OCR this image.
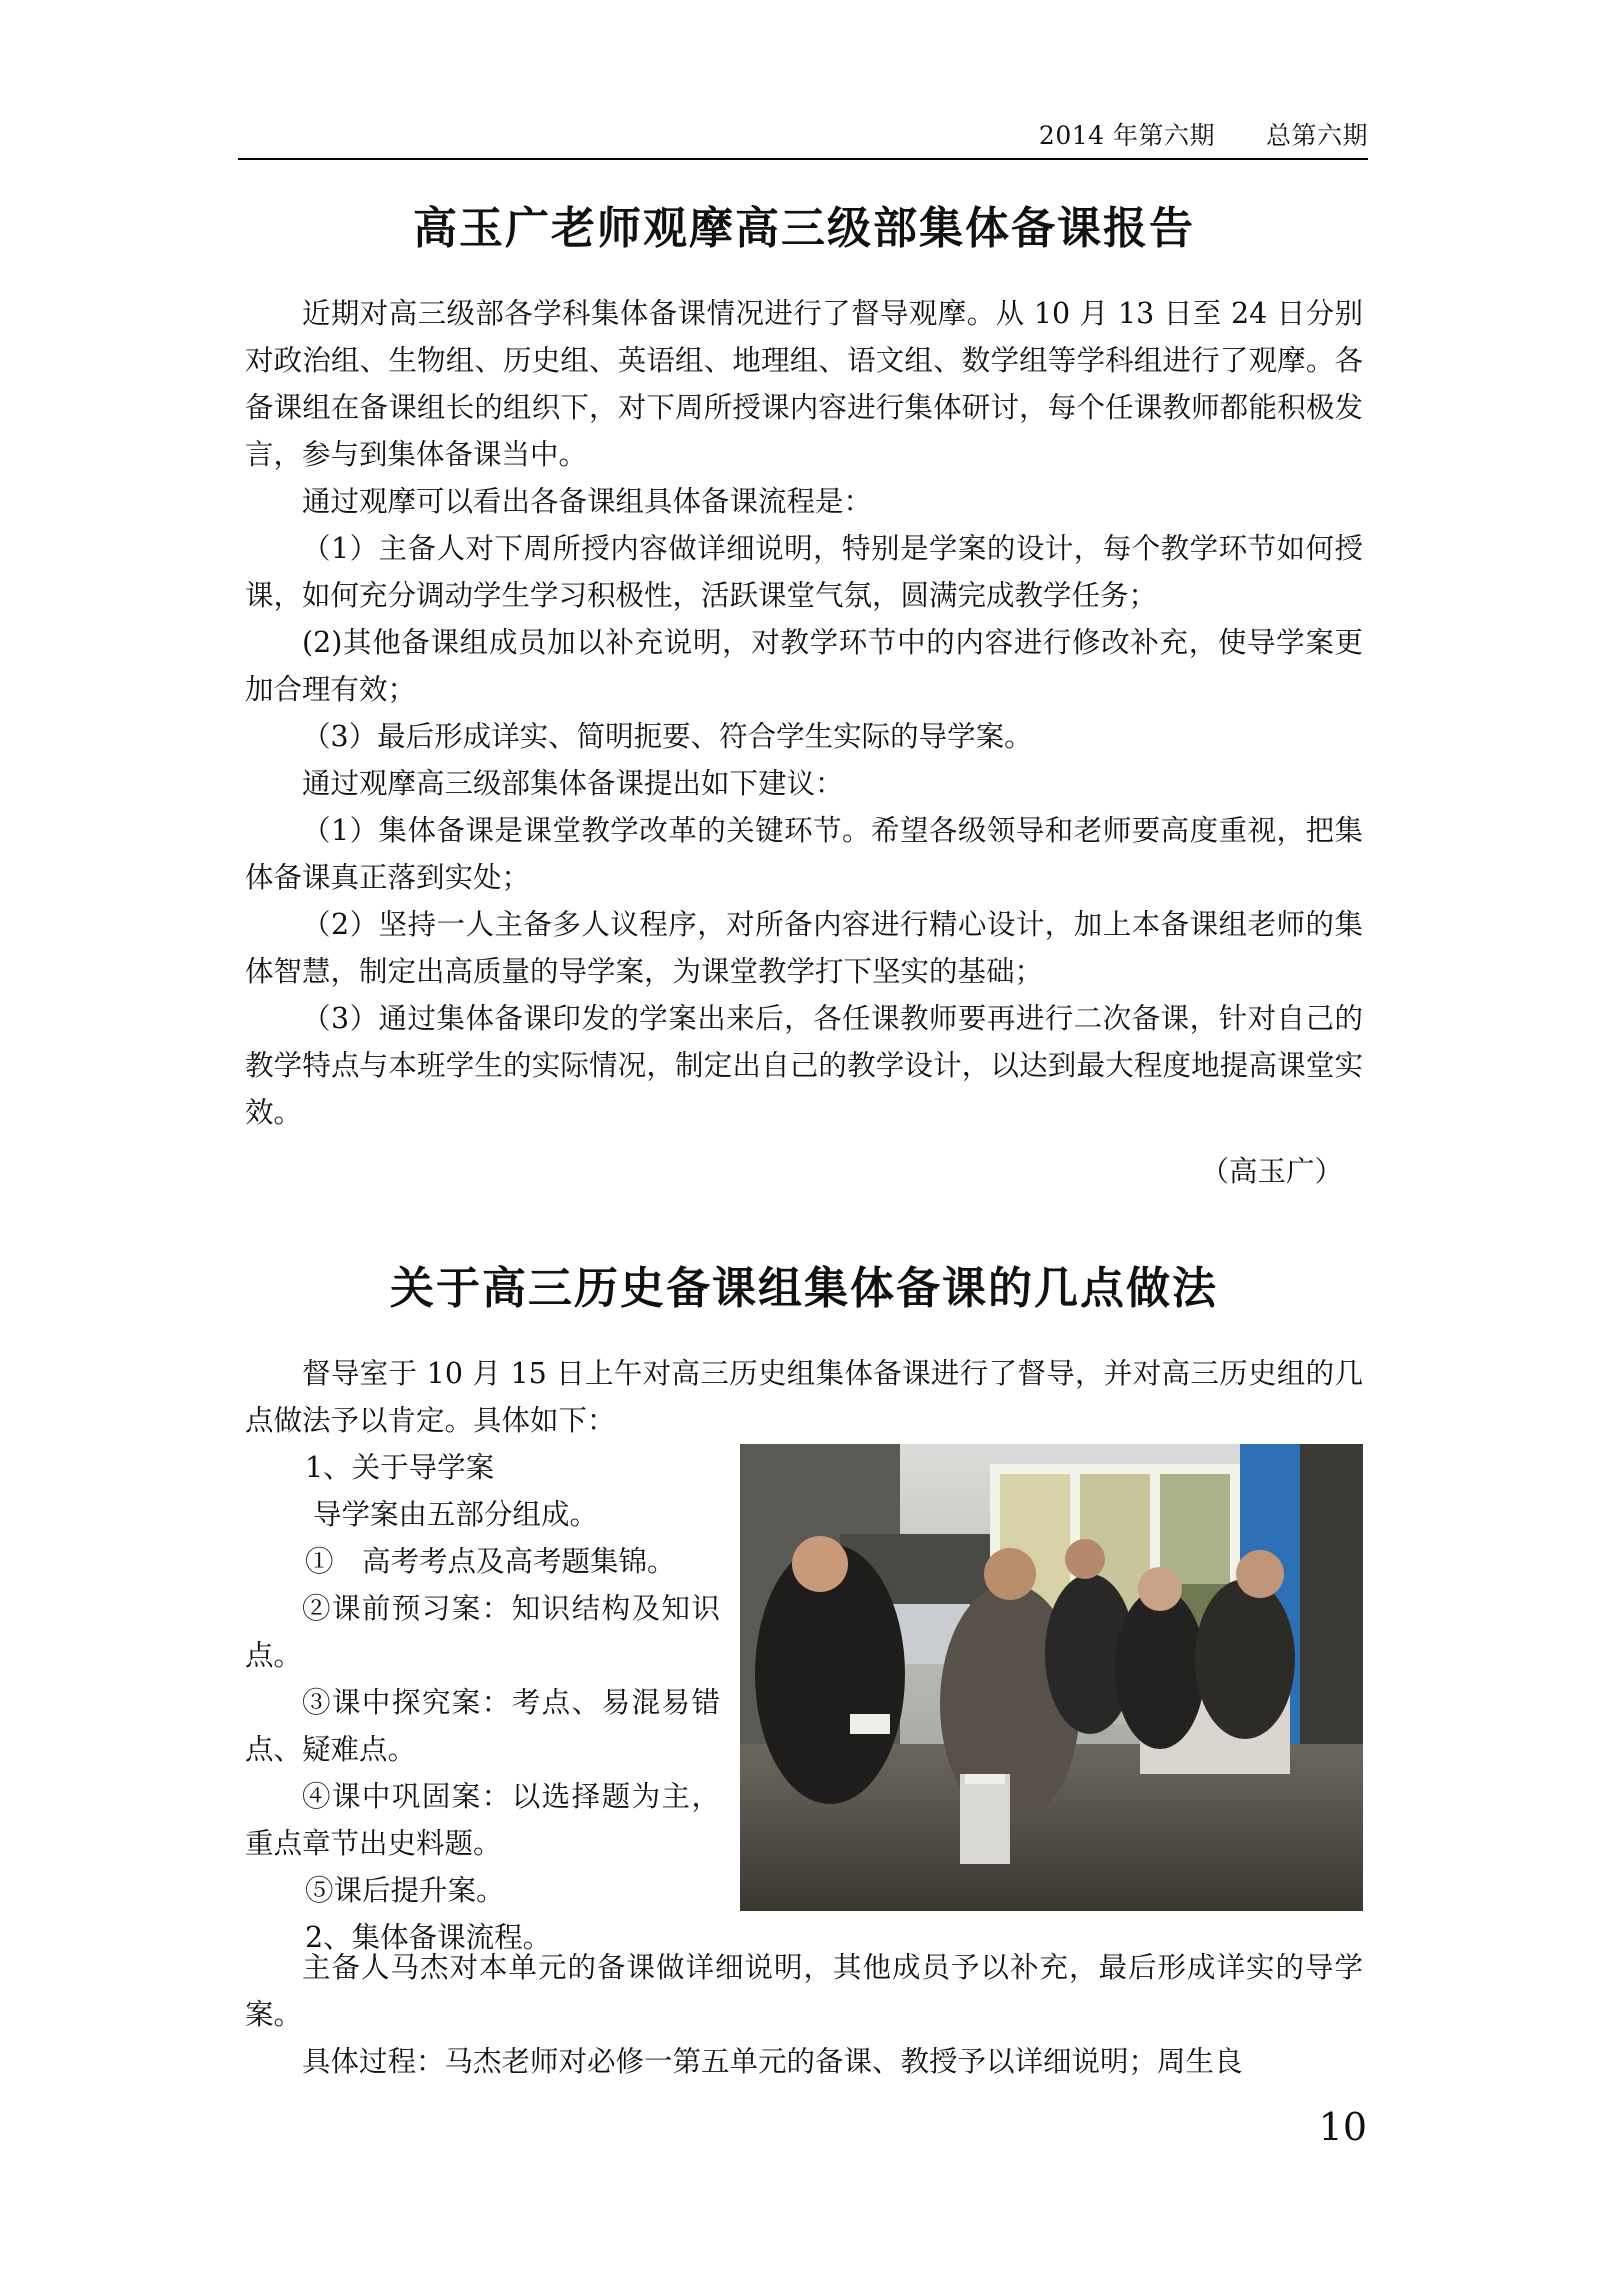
2014 年第六期　　总第六期
高玉广老师观摩高三级部集体备课报告

近期对高三级部各学科集体备课情况进行了督导观摩。从 10 月 13 日至 24 日分别对政治组、生物组、历史组、英语组、地理组、语文组、数学组等学科组进行了观摩。各备课组在备课组长的组织下，对下周所授课内容进行集体研讨，每个任课教师都能积极发言，参与到集体备课当中。

通过观摩可以看出各备课组具体备课流程是：

（1）主备人对下周所授内容做详细说明，特别是学案的设计，每个教学环节如何授课，如何充分调动学生学习积极性，活跃课堂气氛，圆满完成教学任务；

(2)其他备课组成员加以补充说明，对教学环节中的内容进行修改补充，使导学案更加合理有效；

（3）最后形成详实、简明扼要、符合学生实际的导学案。

通过观摩高三级部集体备课提出如下建议：

（1）集体备课是课堂教学改革的关键环节。希望各级领导和老师要高度重视，把集体备课真正落到实处；

（2）坚持一人主备多人议程序，对所备内容进行精心设计，加上本备课组老师的集体智慧，制定出高质量的导学案，为课堂教学打下坚实的基础；

（3）通过集体备课印发的学案出来后，各任课教师要再进行二次备课，针对自己的教学特点与本班学生的实际情况，制定出自己的教学设计，以达到最大程度地提高课堂实效。

（高玉广）
关于高三历史备课组集体备课的几点做法

督导室于 10 月 15 日上午对高三历史组集体备课进行了督导，并对高三历史组的几点做法予以肯定。具体如下：

1、关于导学案

导学案由五部分组成。

①　高考考点及高考题集锦。

②课前预习案：知识结构及知识点。

③课中探究案：考点、易混易错点、疑难点。

④课中巩固案：以选择题为主，重点章节出史料题。

⑤课后提升案。

2、集体备课流程。

主备人马杰对本单元的备课做详细说明，其他成员予以补充，最后形成详实的导学案。

具体过程：马杰老师对必修一第五单元的备课、教授予以详细说明；周生良

10
